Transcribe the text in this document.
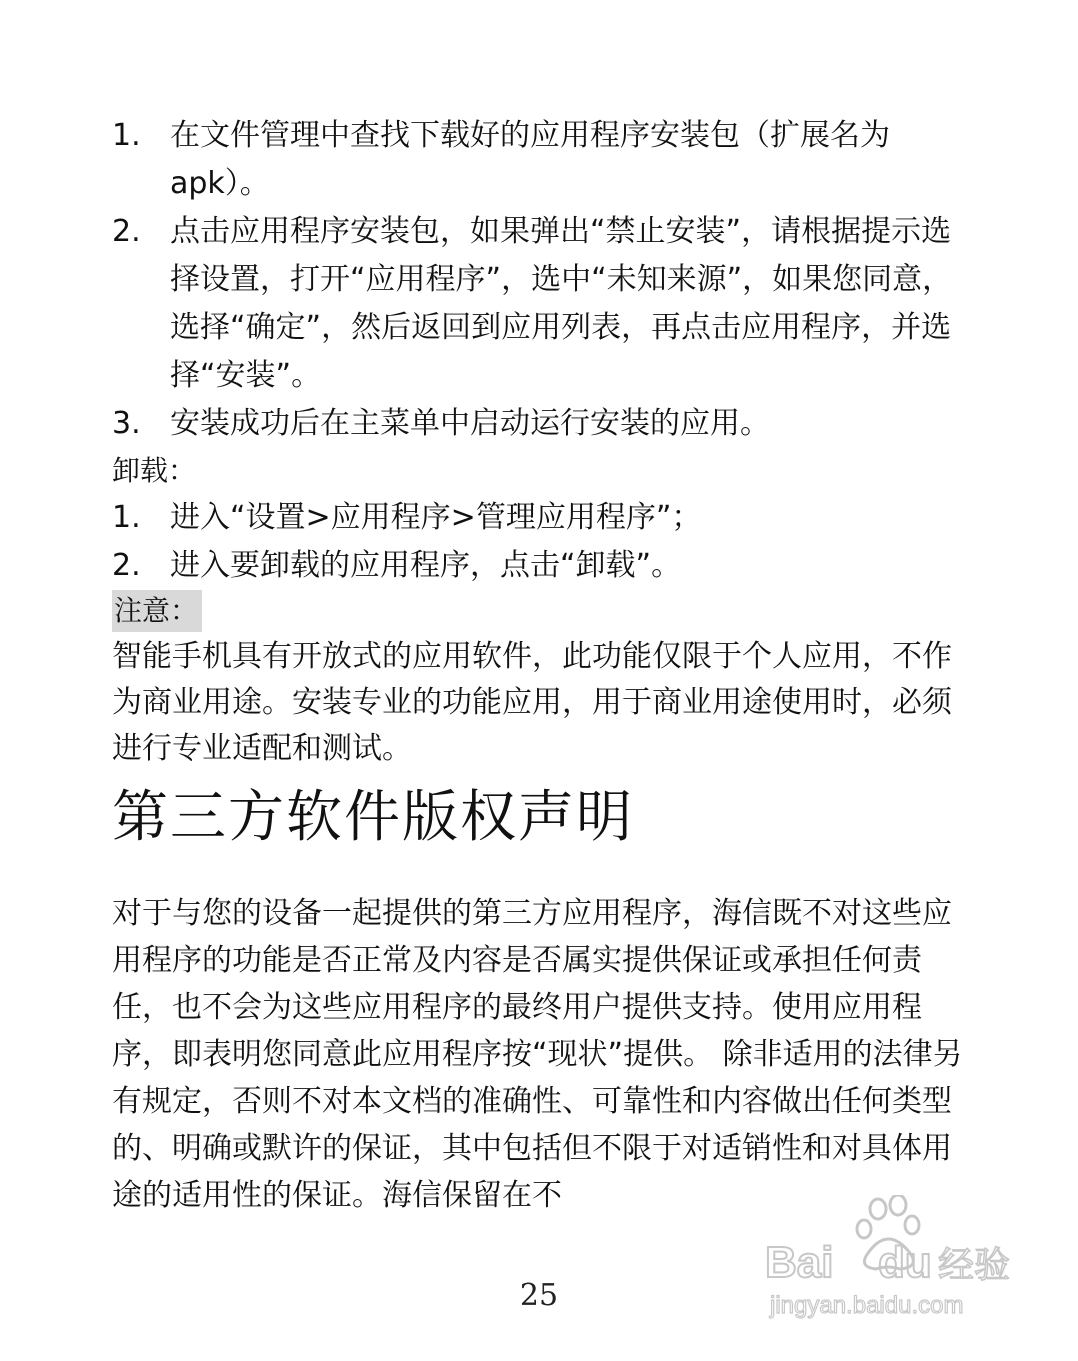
1. 在文件管理中查找下载好的应用程序安装包（扩展名为apk）。
2. 点击应用程序安装包，如果弹出“禁止安装”，请根据提示选择设置，打开“应用程序”，选中“未知来源”，如果您同意，选择“确定”，然后返回到应用列表，再点击应用程序，并选择“安装”。
3. 安装成功后在主菜单中启动运行安装的应用。
卸载：
1. 进入“设置>应用程序>管理应用程序”；
2. 进入要卸载的应用程序，点击“卸载”。
注意：
智能手机具有开放式的应用软件，此功能仅限于个人应用，不作为商业用途。安装专业的功能应用，用于商业用途使用时，必须进行专业适配和测试。
第三方软件版权声明
对于与您的设备一起提供的第三方应用程序，海信既不对这些应用程序的功能是否正常及内容是否属实提供保证或承担任何责任，也不会为这些应用程序的最终用户提供支持。使用应用程序，即表明您同意此应用程序按“现状”提供。 除非适用的法律另有规定，否则不对本文档的准确性、可靠性和内容做出任何类型的、明确或默许的保证，其中包括但不限于对适销性和对具体用途的适用性的保证。海信保留在不
25
Bai du 经验
jingyan.baidu.com
